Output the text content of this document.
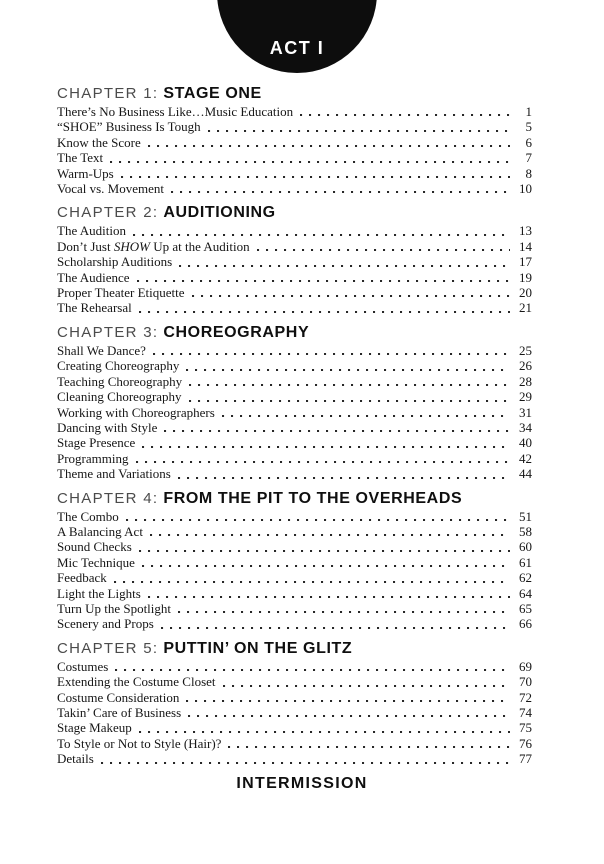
ACT I
CHAPTER 1: STAGE ONE
There’s No Business Like…Music Education	1
“SHOE” Business Is Tough	5
Know the Score	6
The Text	7
Warm-Ups	8
Vocal vs. Movement	10
CHAPTER 2: AUDITIONING
The Audition	13
Don’t Just SHOW Up at the Audition	14
Scholarship Auditions	17
The Audience	19
Proper Theater Etiquette	20
The Rehearsal	21
CHAPTER 3: CHOREOGRAPHY
Shall We Dance?	25
Creating Choreography	26
Teaching Choreography	28
Cleaning Choreography	29
Working with Choreographers	31
Dancing with Style	34
Stage Presence	40
Programming	42
Theme and Variations	44
CHAPTER 4: FROM THE PIT TO THE OVERHEADS
The Combo	51
A Balancing Act	58
Sound Checks	60
Mic Technique	61
Feedback	62
Light the Lights	64
Turn Up the Spotlight	65
Scenery and Props	66
CHAPTER 5: PUTTIN’ ON THE GLITZ
Costumes	69
Extending the Costume Closet	70
Costume Consideration	72
Takin’ Care of Business	74
Stage Makeup	75
To Style or Not to Style (Hair)?	76
Details	77
INTERMISSION
